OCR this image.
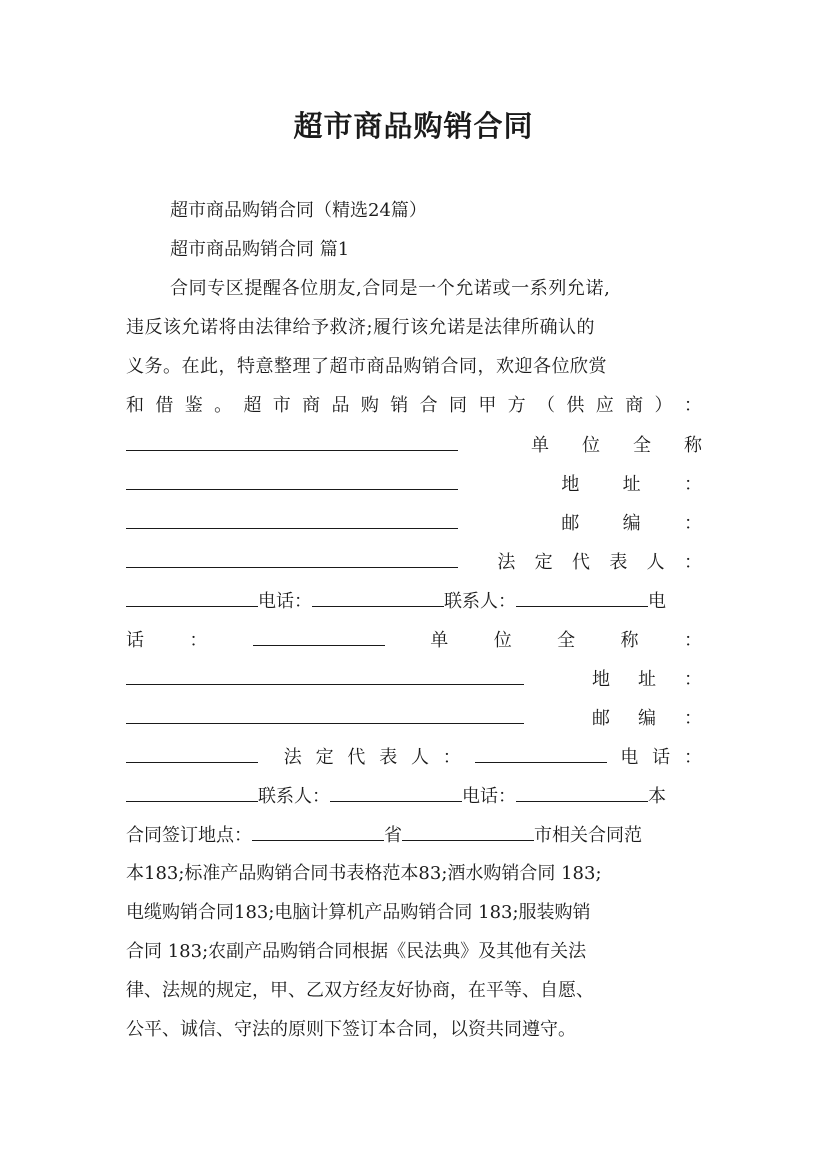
超市商品购销合同
超市商品购销合同（精选24篇）
超市商品购销合同 篇1
合同专区提醒各位朋友,合同是一个允诺或一系列允诺,
违反该允诺将由法律给予救济;履行该允诺是法律所确认的
义务。在此，特意整理了超市商品购销合同，欢迎各位欣赏
和 借 鉴 。 超 市 商 品 购 销 合 同 甲 方 （ 供 应 商 ） ：
单 位 全 称
地 址 ：
邮 编 ：
法 定 代 表 人 ：
电话：	联系人：	电
话	：	单	位	全	称	：
地 址 ：
邮 编 ：
法 定 代 表 人 ：	电 话 ：
联系人：	电话：	本
合同签订地点：	省	市相关合同范
本183;标准产品购销合同书表格范本83;酒水购销合同 183;
电缆购销合同183;电脑计算机产品购销合同 183;服装购销
合同 183;农副产品购销合同根据《民法典》及其他有关法
律、法规的规定，甲、乙双方经友好协商，在平等、自愿、
公平、诚信、守法的原则下签订本合同，以资共同遵守。
